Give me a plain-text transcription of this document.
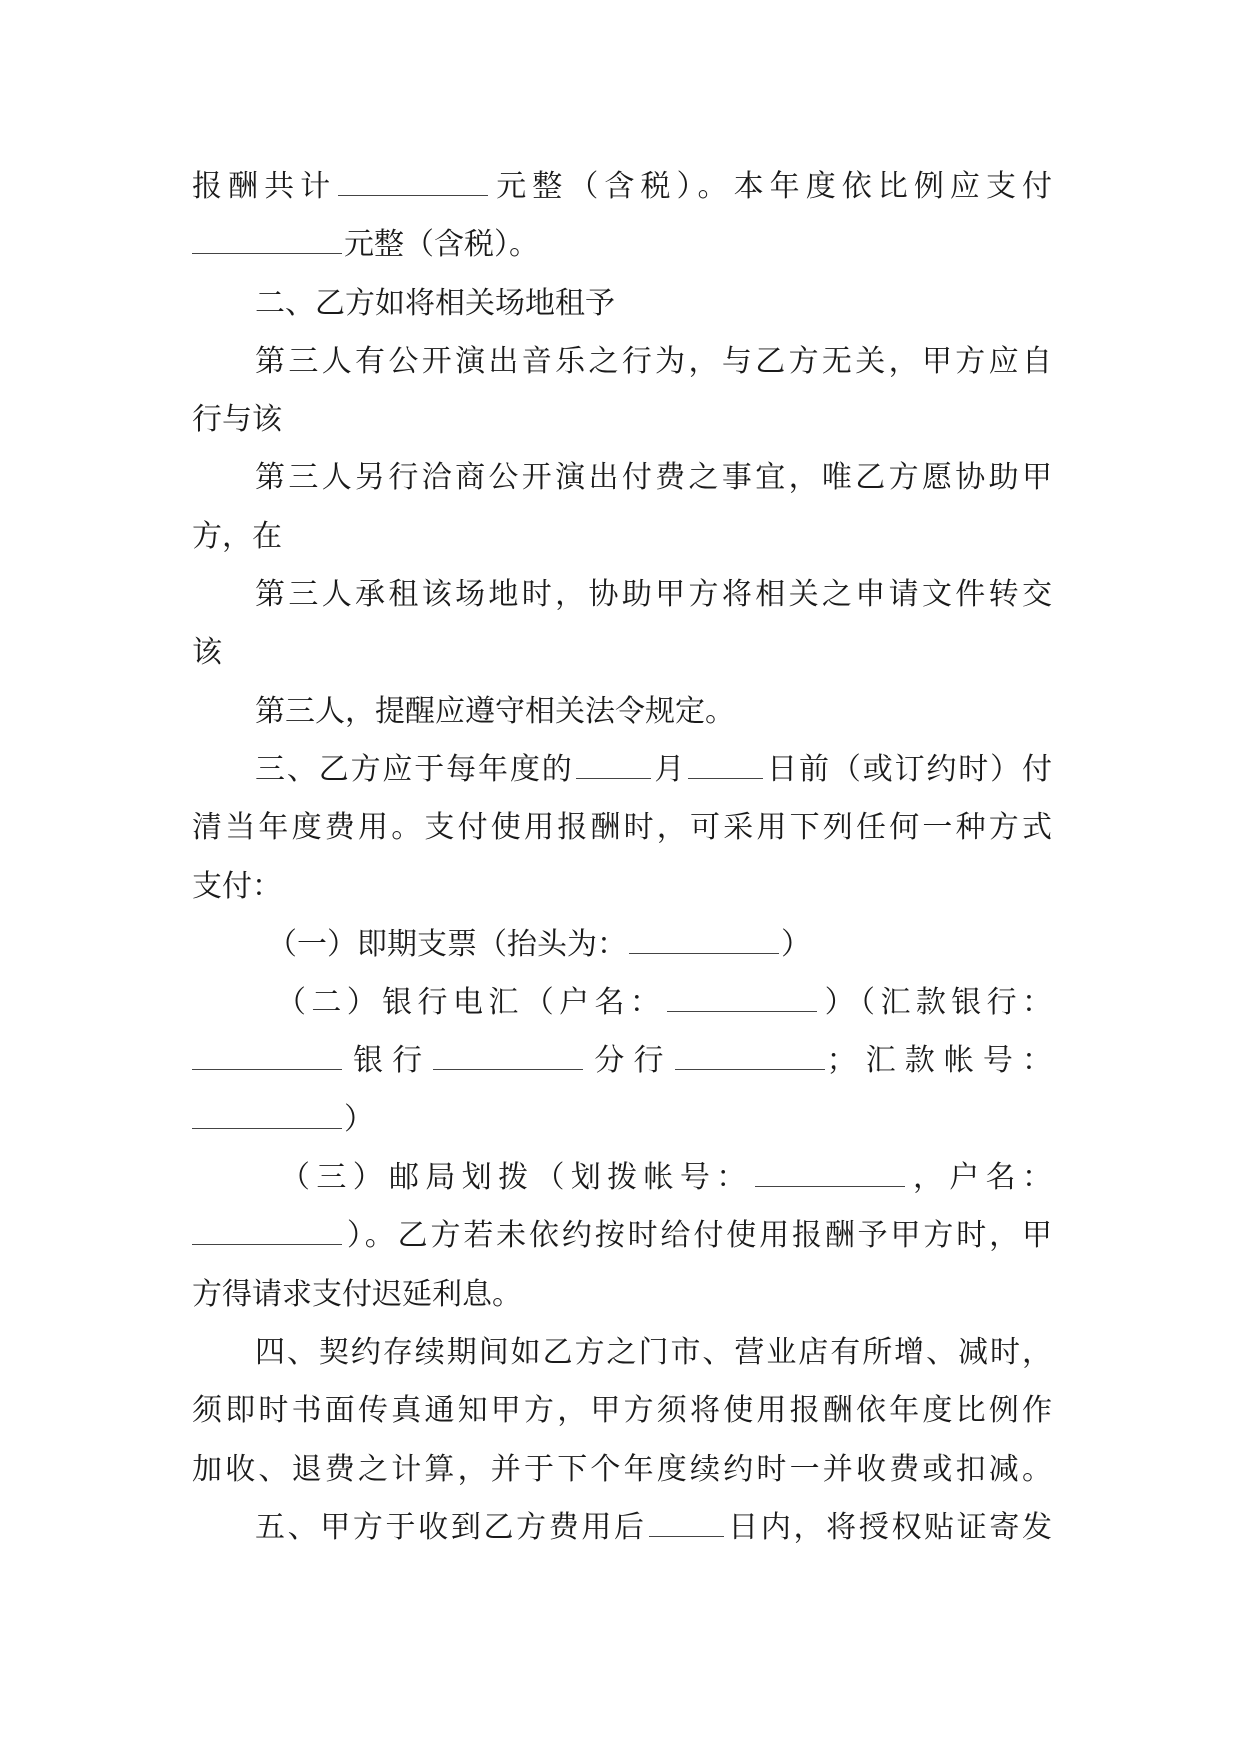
报酬共计	元整（含税）。本年度依比例应支付

元整（含税）。

二、乙方如将相关场地租予

第三人有公开演出音乐之行为，与乙方无关，甲方应自

行与该

第三人另行洽商公开演出付费之事宜，唯乙方愿协助甲

方，在

第三人承租该场地时，协助甲方将相关之申请文件转交

该

第三人，提醒应遵守相关法令规定。

三、乙方应于每年度的	月	日前（或订约时）付

清当年度费用。支付使用报酬时，可采用下列任何一种方式

支付：

（一）即期支票（抬头为：	）

（二）银行电汇（户名：	）（汇款银行：

银行	分行	；汇款帐号：

）

（三）邮局划拨（划拨帐号：	，户名：

）。乙方若未依约按时给付使用报酬予甲方时，甲

方得请求支付迟延利息。

四、契约存续期间如乙方之门市、营业店有所增、减时，

须即时书面传真通知甲方，甲方须将使用报酬依年度比例作

加收、退费之计算，并于下个年度续约时一并收费或扣减。

五、甲方于收到乙方费用后	日内，将授权贴证寄发
